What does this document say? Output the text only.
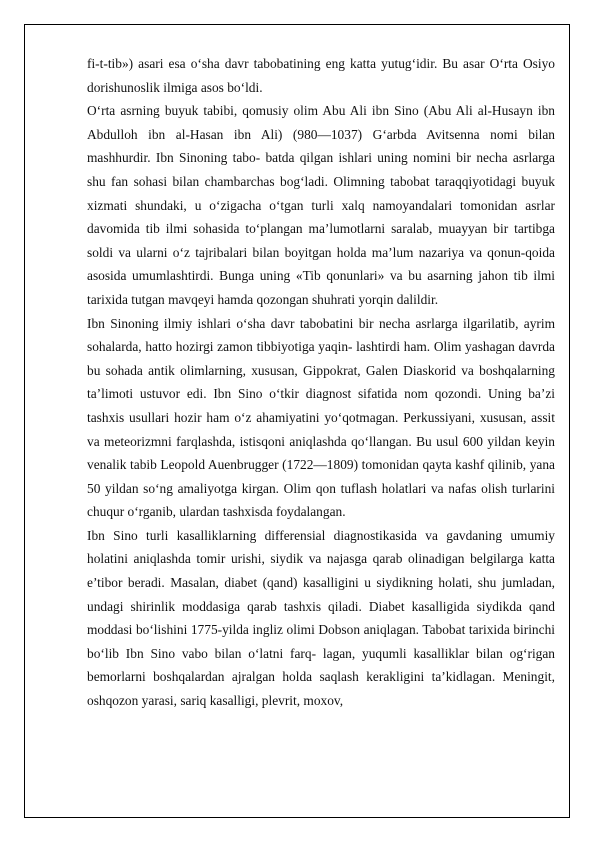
fi-t-tib») asari esa o‘sha davr tabobatining eng katta yutug‘idir. Bu asar O‘rta Osiyo dorishunoslik ilmiga asos bo‘ldi.

O‘rta asrning buyuk tabibi, qomusiy olim Abu Ali ibn Sino (Abu Ali al-Husayn ibn Abdulloh ibn al-Hasan ibn Ali) (980—1037) G‘arbda Avitsenna nomi bilan mashhurdir. Ibn Sinoning tabo- batda qilgan ishlari uning nomini bir necha asrlarga shu fan sohasi bilan chambarchas bog‘ladi. Olimning tabobat taraqqiyotidagi buyuk xizmati shundaki, u o‘zigacha o‘tgan turli xalq namoyandalari tomonidan asrlar davomida tib ilmi sohasida to‘plangan ma’lumotlarni saralab, muayyan bir tartibga soldi va ularni o‘z tajribalari bilan boyitgan holda ma’lum nazariya va qonun-qoida asosida umumlashtirdi. Bunga uning «Tib qonunlari» va bu asarning jahon tib ilmi tarixida tutgan mavqeyi hamda qozongan shuhrati yorqin dalildir.

Ibn Sinoning ilmiy ishlari o‘sha davr tabobatini bir necha asrlarga ilgarilatib, ayrim sohalarda, hatto hozirgi zamon tibbiyotiga yaqin- lashtirdi ham. Olim yashagan davrda bu sohada antik olimlarning, xususan, Gippokrat, Galen Diaskorid va boshqalarning ta’limoti ustuvor edi. Ibn Sino o‘tkir diagnost sifatida nom qozondi. Uning ba’zi tashxis usullari hozir ham o‘z ahamiyatini yo‘qotmagan. Perkussiyani, xususan, assit va meteorizmni farqlashda, istisqoni aniqlashda qo‘llangan. Bu usul 600 yildan keyin venalik tabib Leopold Auenbrugger (1722—1809) tomonidan qayta kashf qilinib, yana 50 yildan so‘ng amaliyotga kirgan. Olim qon tuflash holatlari va nafas olish turlarini chuqur o‘rganib, ulardan tashxisda foydalangan.

Ibn Sino turli kasalliklarning differensial diagnostikasida va gavdaning umumiy holatini aniqlashda tomir urishi, siydik va najasga qarab olinadigan belgilarga katta e’tibor beradi. Masalan, diabet (qand) kasalligini u siydikning holati, shu jumladan, undagi shirinlik moddasiga qarab tashxis qiladi. Diabet kasalligida siydikda qand moddasi bo‘lishini 1775-yilda ingliz olimi Dobson aniqlagan. Tabobat tarixida birinchi bo‘lib Ibn Sino vabo bilan o‘latni farq- lagan, yuqumli kasalliklar bilan og‘rigan bemorlarni boshqalardan ajralgan holda saqlash kerakligini ta’kidlagan. Meningit, oshqozon yarasi, sariq kasalligi, plevrit, moxov,
